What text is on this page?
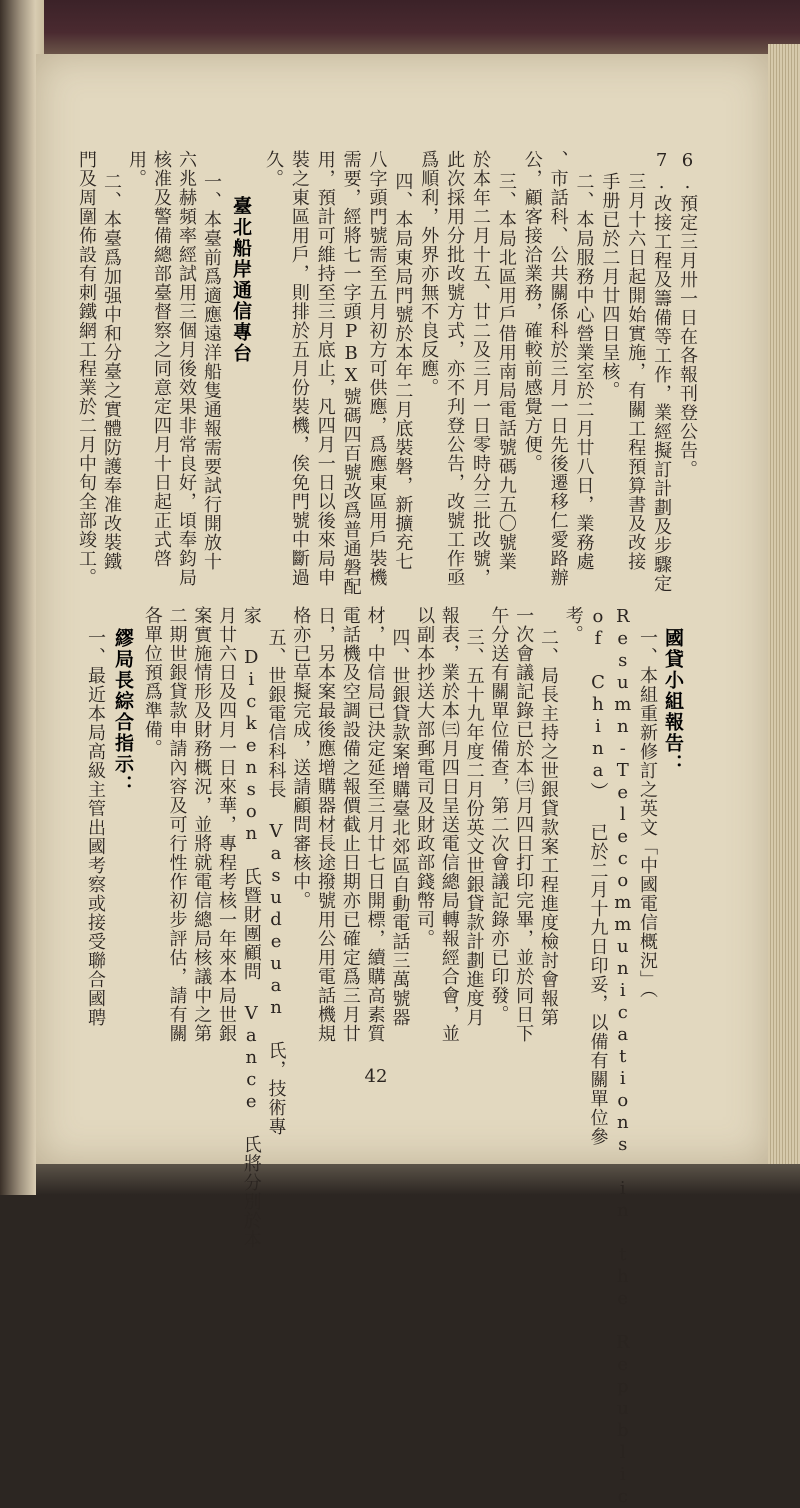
6.預定三月卅一日在各報刊登公告。
7.改接工程及籌備等工作，業經擬訂計劃及步驟定
三月十六日起開始實施，有關工程預算書及改接
手册已於二月廿四日呈核。
二、本局服務中心營業室於二月廿八日，業務處
、市話科、公共關係科於三月一日先後遷移仁愛路辦
公，顧客接洽業務，確較前感覺方便。
三、本局北區用戶借用南局電話號碼九五〇號業
於本年二月十五、廿二及三月一日零時分三批改號，
此次採用分批改號方式，亦不刋登公告，改號工作亟
爲順利，外界亦無不良反應。
四、本局東局門號於本年二月底裝磐，新擴充七
八字頭門號需至五月初方可供應，爲應東區用戶裝機
需要，經將七一字頭PBX號碼四百號改爲普通磐配
用，預計可維持至三月底止，凡四月一日以後來局申
裝之東區用戶，則排於五月份裝機，俟免門號中斷過
久。
臺北船岸通信專台
一、本臺前爲適應遠洋船隻通報需要試行開放十
六兆赫頻率經試用三個月後效果非常良好，頃奉鈞局
核准及警備總部臺督察之同意定四月十日起正式啓
用。
二、本臺爲加强中和分臺之實體防護奉准改裝鐵
門及周圍佈設有刺鐵網工程業於二月中旬全部竣工。
國貸小組報告：
一、本組重新修訂之英文「中國電信概況」（
Resumn-Telecommunications in the Republic
of China） 已於二月十九日印妥，以備有關單位參
考。
二、局長主持之世銀貸款案工程進度檢討會報第
一次會議記錄已於本㈢月四日打印完畢，並於同日下
午分送有關單位備查，第二次會議記錄亦已印發。
三、五十九年度二月份英文世銀貸款計劃進度月
報表，業於本㈢月四日呈送電信總局轉報經合會，並
以副本抄送大部郵電司及財政部錢幣司。
四、世銀貸款案增購臺北郊區自動電話三萬號器
材，中信局已決定延至三月廿七日開標，續購高素質
電話機及空調設備之報價截止日期亦已確定爲三月廿
日，另本案最後應增購器材長途撥號用公用電話機規
格亦已草擬完成，送請顧問審核中。
五、世銀電信科科長 Vasudeuan 氏，技術專
家 Dickenson 氏暨財團顧問 Vance 氏將分別於本
月廿六日及四月一日來華，專程考核一年來本局世銀
案實施情形及財務概況，並將就電信總局核議中之第
二期世銀貸款申請內容及可行性作初步評估，請有關
各單位預爲準備。
繆局長綜合指示：
一、最近本局高級主管出國考察或接受聯合國聘
42
